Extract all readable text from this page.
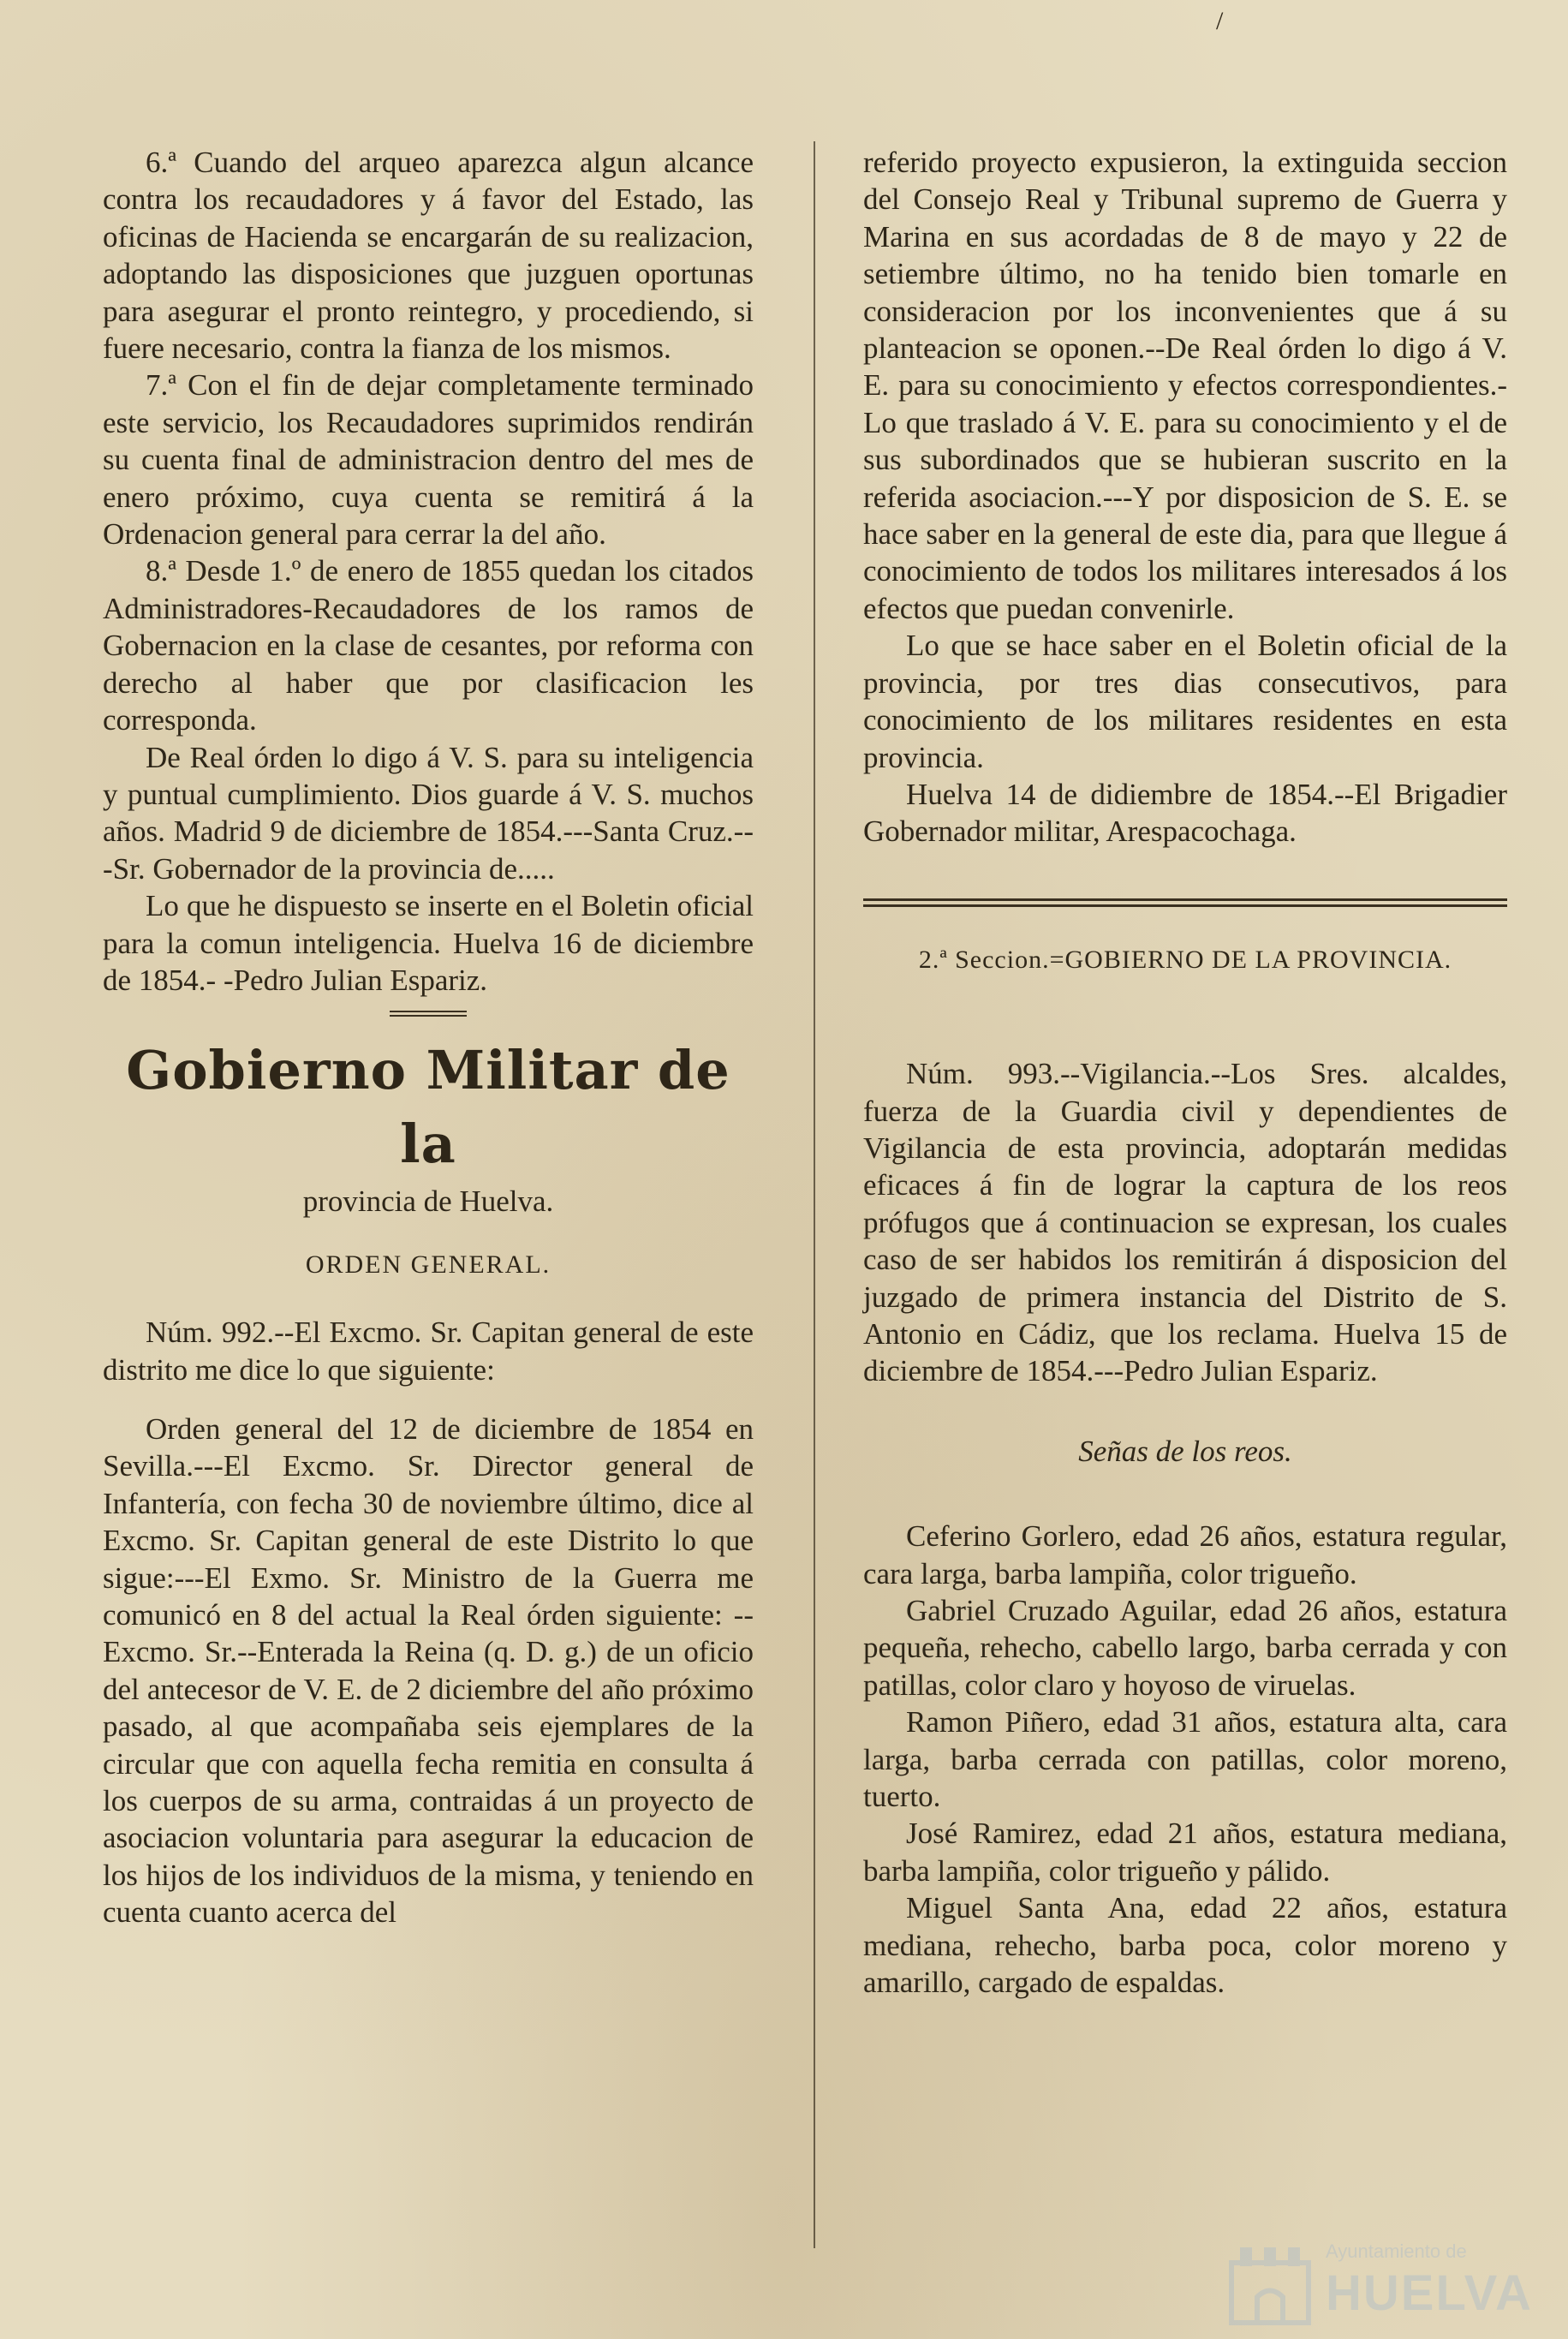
/

6.ª Cuando del arqueo aparezca algun alcance contra los recaudadores y á favor del Estado, las oficinas de Hacienda se encargarán de su realizacion, adoptando las disposiciones que juzguen oportunas para asegurar el pronto reintegro, y procediendo, si fuere necesario, contra la fianza de los mismos.

7.ª Con el fin de dejar completamente terminado este servicio, los Recaudadores suprimidos rendirán su cuenta final de administracion dentro del mes de enero próximo, cuya cuenta se remitirá á la Ordenacion general para cerrar la del año.

8.ª Desde 1.º de enero de 1855 quedan los citados Administradores-Recaudadores de los ramos de Gobernacion en la clase de cesantes, por reforma con derecho al haber que por clasificacion les corresponda.

De Real órden lo digo á V. S. para su inteligencia y puntual cumplimiento. Dios guarde á V. S. muchos años. Madrid 9 de diciembre de 1854.---Santa Cruz.---Sr. Gobernador de la provincia de.....

Lo que he dispuesto se inserte en el Boletin oficial para la comun inteligencia. Huelva 16 de diciembre de 1854.- -Pedro Julian Espariz.

Gobierno Militar de la
provincia de Huelva.
ORDEN GENERAL.

Núm. 992.--El Excmo. Sr. Capitan general de este distrito me dice lo que siguiente:

Orden general del 12 de diciembre de 1854 en Sevilla.---El Excmo. Sr. Director general de Infantería, con fecha 30 de noviembre último, dice al Excmo. Sr. Capitan general de este Distrito lo que sigue:---El Exmo. Sr. Ministro de la Guerra me comunicó en 8 del actual la Real órden siguiente: --Excmo. Sr.--Enterada la Reina (q. D. g.) de un oficio del antecesor de V. E. de 2 diciembre del año próximo pasado, al que acompañaba seis ejemplares de la circular que con aquella fecha remitia en consulta á los cuerpos de su arma, contraidas á un proyecto de asociacion voluntaria para asegurar la educacion de los hijos de los individuos de la misma, y teniendo en cuenta cuanto acerca del

referido proyecto expusieron, la extinguida seccion del Consejo Real y Tribunal supremo de Guerra y Marina en sus acordadas de 8 de mayo y 22 de setiembre último, no ha tenido bien tomarle en consideracion por los inconvenientes que á su planteacion se oponen.--De Real órden lo digo á V. E. para su conocimiento y efectos correspondientes.-Lo que traslado á V. E. para su conocimiento y el de sus subordinados que se hubieran suscrito en la referida asociacion.---Y por disposicion de S. E. se hace saber en la general de este dia, para que llegue á conocimiento de todos los militares interesados á los efectos que puedan convenirle.

Lo que se hace saber en el Boletin oficial de la provincia, por tres dias consecutivos, para conocimiento de los militares residentes en esta provincia.

Huelva 14 de didiembre de 1854.--El Brigadier Gobernador militar, Arespacochaga.

2.ª Seccion.=GOBIERNO DE LA PROVINCIA.

Núm. 993.--Vigilancia.--Los Sres. alcaldes, fuerza de la Guardia civil y dependientes de Vigilancia de esta provincia, adoptarán medidas eficaces á fin de lograr la captura de los reos prófugos que á continuacion se expresan, los cuales caso de ser habidos los remitirán á disposicion del juzgado de primera instancia del Distrito de S. Antonio en Cádiz, que los reclama. Huelva 15 de diciembre de 1854.---Pedro Julian Espariz.

Señas de los reos.

Ceferino Gorlero, edad 26 años, estatura regular, cara larga, barba lampiña, color trigueño.

Gabriel Cruzado Aguilar, edad 26 años, estatura pequeña, rehecho, cabello largo, barba cerrada y con patillas, color claro y hoyoso de viruelas.

Ramon Piñero, edad 31 años, estatura alta, cara larga, barba cerrada con patillas, color moreno, tuerto.

José Ramirez, edad 21 años, estatura mediana, barba lampiña, color trigueño y pálido.

Miguel Santa Ana, edad 22 años, estatura mediana, rehecho, barba poca, color moreno y amarillo, cargado de espaldas.

Ayuntamiento de
HUELVA
